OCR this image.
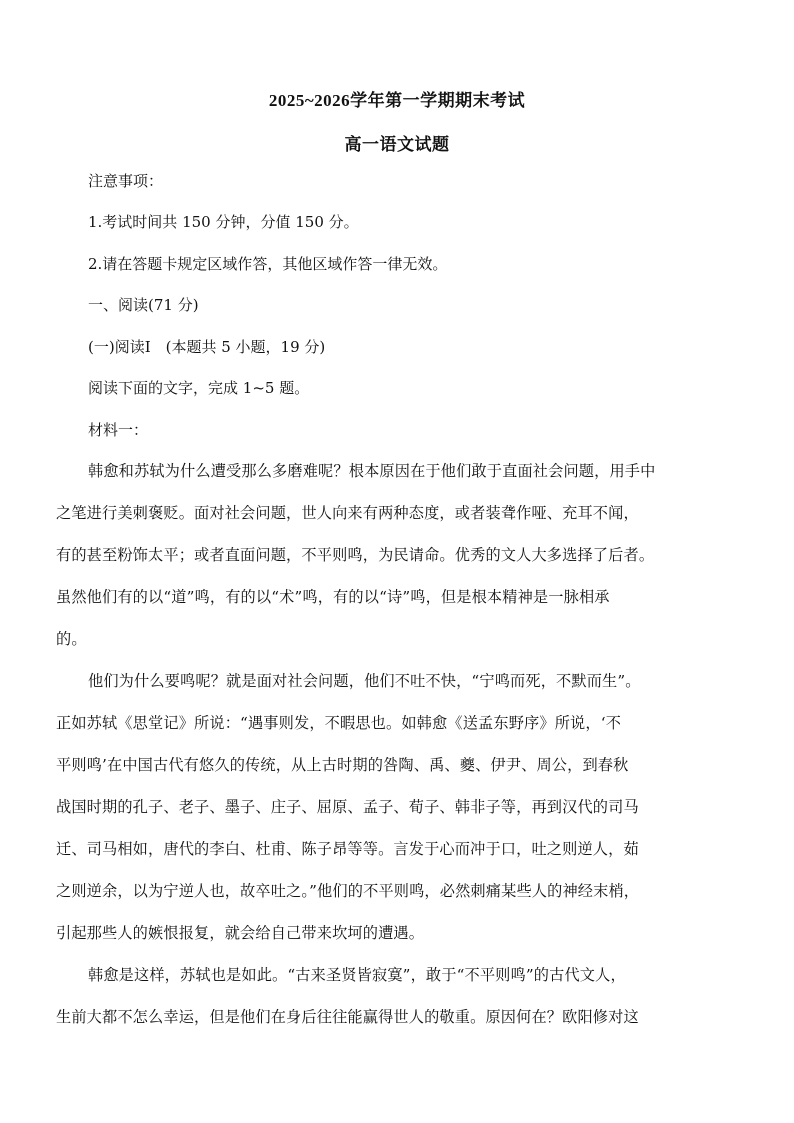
2025~2026学年第一学期期末考试
高一语文试题
注意事项：
1.考试时间共 150 分钟，分值 150 分。
2.请在答题卡规定区域作答，其他区域作答一律无效。
一、阅读(71 分)
(一)阅读Ⅰ　(本题共 5 小题，19 分)
阅读下面的文字，完成 1~5 题。
材料一：
韩愈和苏轼为什么遭受那么多磨难呢？根本原因在于他们敢于直面社会问题，用手中
之笔进行美刺褒贬。面对社会问题，世人向来有两种态度，或者装聋作哑、充耳不闻，
有的甚至粉饰太平；或者直面问题，不平则鸣，为民请命。优秀的文人大多选择了后者。
虽然他们有的以“道”鸣，有的以“术”鸣，有的以“诗”鸣，但是根本精神是一脉相承
的。
他们为什么要鸣呢？就是面对社会问题，他们不吐不快，“宁鸣而死，不默而生”。
正如苏轼《思堂记》所说：“遇事则发，不暇思也。如韩愈《送孟东野序》所说，‘不
平则鸣’在中国古代有悠久的传统，从上古时期的咎陶、禹、夔、伊尹、周公，到春秋
战国时期的孔子、老子、墨子、庄子、屈原、孟子、荀子、韩非子等，再到汉代的司马
迁、司马相如，唐代的李白、杜甫、陈子昂等等。言发于心而冲于口，吐之则逆人，茹
之则逆余，以为宁逆人也，故卒吐之。”他们的不平则鸣，必然刺痛某些人的神经末梢，
引起那些人的嫉恨报复，就会给自己带来坎坷的遭遇。
韩愈是这样，苏轼也是如此。“古来圣贤皆寂寞”，敢于“不平则鸣”的古代文人，
生前大都不怎么幸运，但是他们在身后往往能赢得世人的敬重。原因何在？欧阳修对这
